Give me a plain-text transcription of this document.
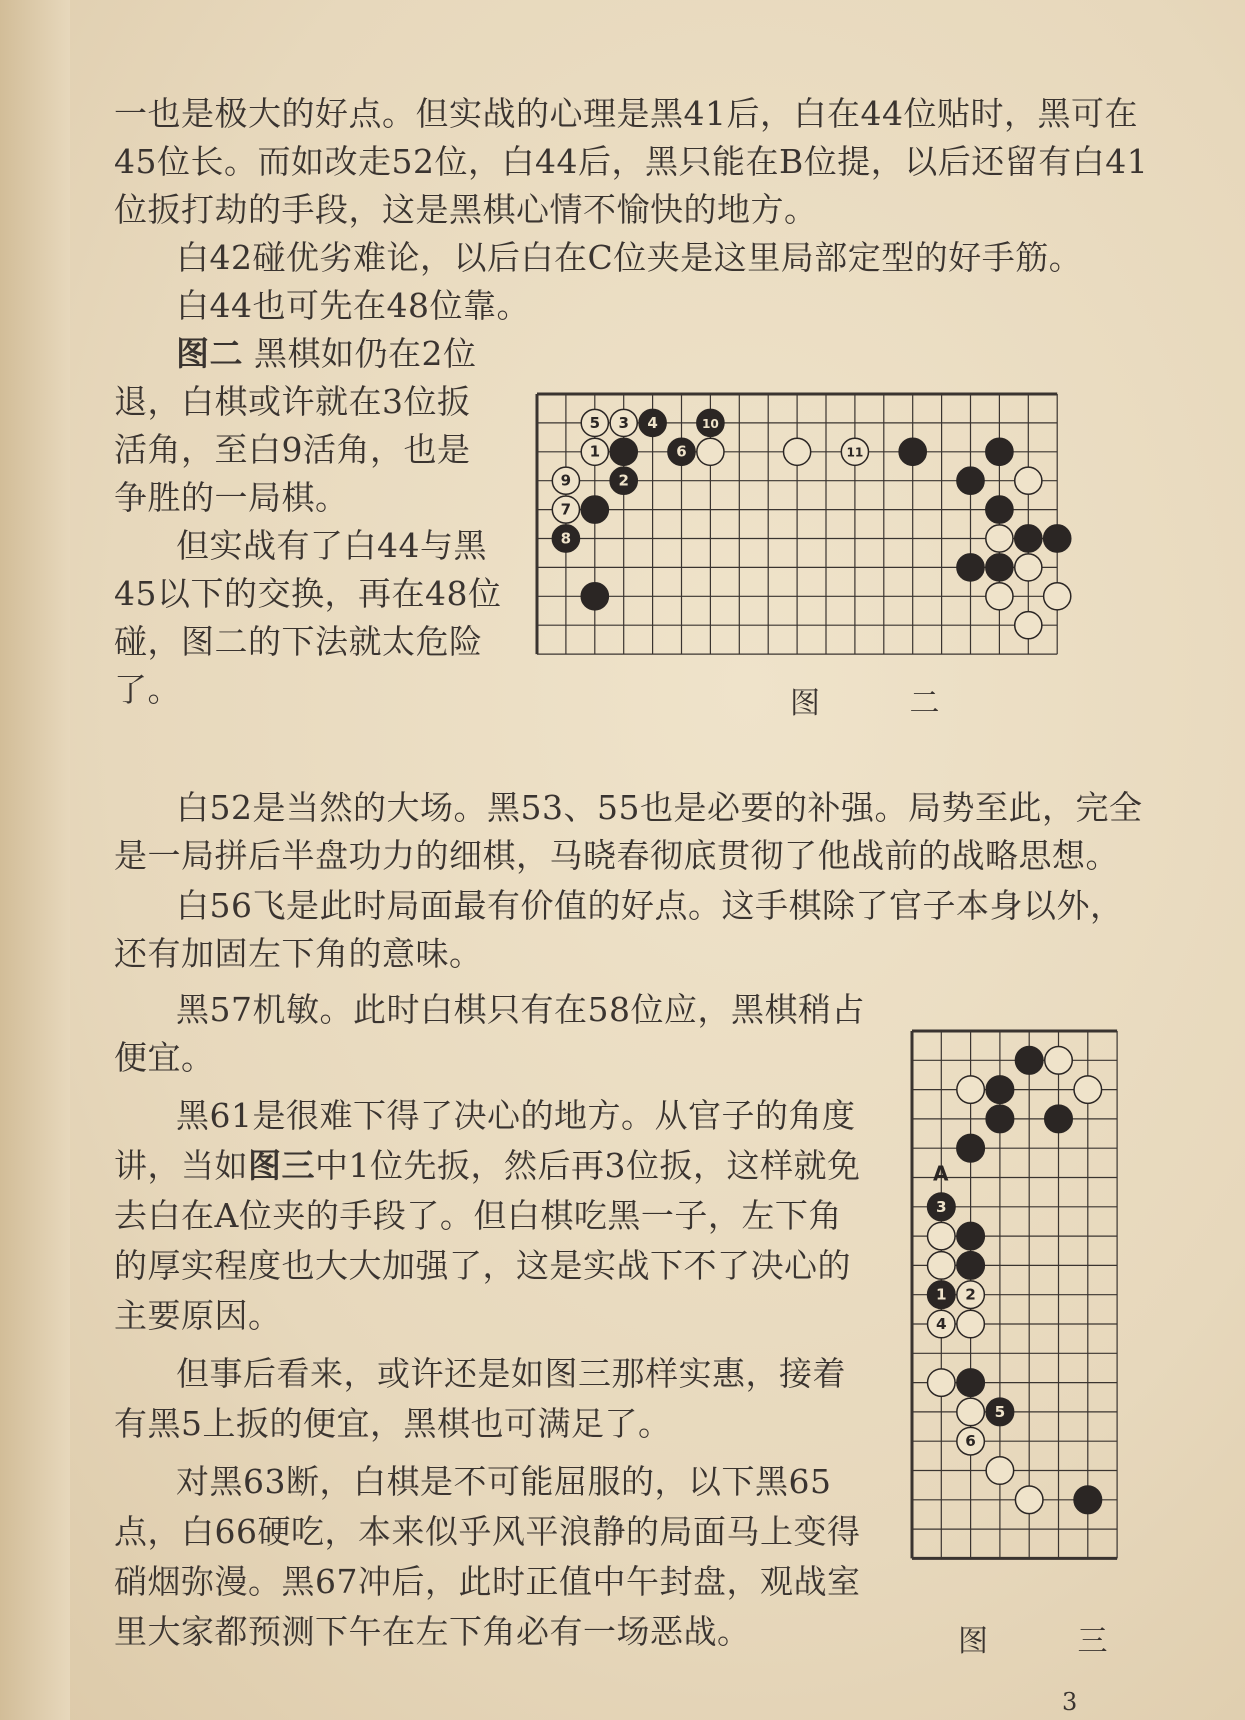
一也是极大的好点。但实战的心理是黑41后，白在44位贴时，黑可在
45位长。而如改走52位，白44后，黑只能在B位提，以后还留有白41
位扳打劫的手段，这是黑棋心情不愉快的地方。
白42碰优劣难论，以后白在C位夹是这里局部定型的好手筋。
白44也可先在48位靠。
图二 黑棋如仍在2位
退，白棋或许就在3位扳
活角，至白9活角，也是
争胜的一局棋。
但实战有了白44与黑
45以下的交换，再在48位
碰，图二的下法就太危险
了。
5 3 4	10
1	6	11
9	2
7
8
图 二
白52是当然的大场。黑53、55也是必要的补强。局势至此，完全
是一局拼后半盘功力的细棋，马晓春彻底贯彻了他战前的战略思想。
白56飞是此时局面最有价值的好点。这手棋除了官子本身以外，
还有加固左下角的意味。
黑57机敏。此时白棋只有在58位应，黑棋稍占
便宜。
黑61是很难下得了决心的地方。从官子的角度
讲，当如图三中1位先扳，然后再3位扳，这样就免
去白在A位夹的手段了。但白棋吃黑一子，左下角
的厚实程度也大大加强了，这是实战下不了决心的
主要原因。
但事后看来，或许还是如图三那样实惠，接着
有黑5上扳的便宜，黑棋也可满足了。
对黑63断，白棋是不可能屈服的，以下黑65
点，白66硬吃，本来似乎风平浪静的局面马上变得
硝烟弥漫。黑67冲后，此时正值中午封盘，观战室
里大家都预测下午在左下角必有一场恶战。
3
1 2
4
5
6
A
图 三
3
